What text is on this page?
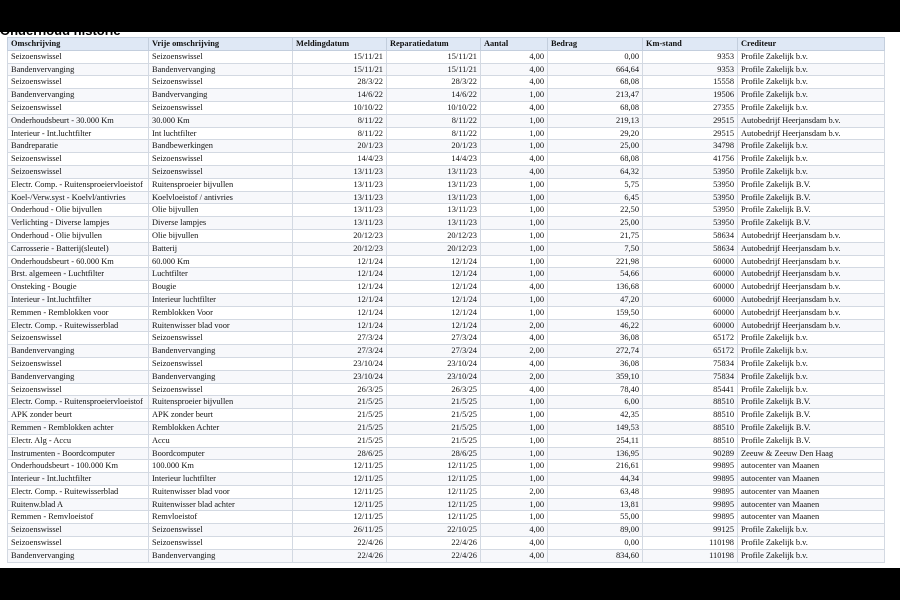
Onderhoud historie
Omschrijving	Vrije omschrijving	Meldingdatum	Reparatiedatum	Aantal	Bedrag	Km-stand	Crediteur
Seizoenswissel	Seizoenswissel	15/11/21	15/11/21	4,00	0,00	9353	Profile Zakelijk b.v.
Bandenvervanging	Bandenvervanging	15/11/21	15/11/21	4,00	664,64	9353	Profile Zakelijk b.v.
Seizoenswissel	Seizoenswissel	28/3/22	28/3/22	4,00	68,08	15558	Profile Zakelijk b.v.
Bandenvervanging	Bandvervanging	14/6/22	14/6/22	1,00	213,47	19506	Profile Zakelijk b.v.
Seizoenswissel	Seizoenswissel	10/10/22	10/10/22	4,00	68,08	27355	Profile Zakelijk b.v.
Onderhoudsbeurt - 30.000 Km	30.000 Km	8/11/22	8/11/22	1,00	219,13	29515	Autobedrijf Heerjansdam b.v.
Interieur - Int.luchtfilter	Int luchtfilter	8/11/22	8/11/22	1,00	29,20	29515	Autobedrijf Heerjansdam b.v.
Bandreparatie	Bandbewerkingen	20/1/23	20/1/23	1,00	25,00	34798	Profile Zakelijk b.v.
Seizoenswissel	Seizoenswissel	14/4/23	14/4/23	4,00	68,08	41756	Profile Zakelijk b.v.
Seizoenswissel	Seizoenswissel	13/11/23	13/11/23	4,00	64,32	53950	Profile Zakelijk b.v.
Electr. Comp. - Ruitensproeiervloeistof	Ruitensproeier bijvullen	13/11/23	13/11/23	1,00	5,75	53950	Profile Zakelijk B.V.
Koel-/Verw.syst - Koelvl/antivries	Koelvloeistof / antivries	13/11/23	13/11/23	1,00	6,45	53950	Profile Zakelijk B.V.
Onderhoud - Olie bijvullen	Olie bijvullen	13/11/23	13/11/23	1,00	22,50	53950	Profile Zakelijk B.V.
Verlichting - Diverse lampjes	Diverse lampjes	13/11/23	13/11/23	1,00	25,00	53950	Profile Zakelijk B.V.
Onderhoud - Olie bijvullen	Olie bijvullen	20/12/23	20/12/23	1,00	21,75	58634	Autobedrijf Heerjansdam b.v.
Carrosserie - Batterij(sleutel)	Batterij	20/12/23	20/12/23	1,00	7,50	58634	Autobedrijf Heerjansdam b.v.
Onderhoudsbeurt - 60.000 Km	60.000 Km	12/1/24	12/1/24	1,00	221,98	60000	Autobedrijf Heerjansdam b.v.
Brst. algemeen - Luchtfilter	Luchtfilter	12/1/24	12/1/24	1,00	54,66	60000	Autobedrijf Heerjansdam b.v.
Onsteking - Bougie	Bougie	12/1/24	12/1/24	4,00	136,68	60000	Autobedrijf Heerjansdam b.v.
Interieur - Int.luchtfilter	Interieur luchtfilter	12/1/24	12/1/24	1,00	47,20	60000	Autobedrijf Heerjansdam b.v.
Remmen - Remblokken voor	Remblokken Voor	12/1/24	12/1/24	1,00	159,50	60000	Autobedrijf Heerjansdam b.v.
Electr. Comp. - Ruitewisserblad	Ruitenwisser blad voor	12/1/24	12/1/24	2,00	46,22	60000	Autobedrijf Heerjansdam b.v.
Seizoenswissel	Seizoenswissel	27/3/24	27/3/24	4,00	36,08	65172	Profile Zakelijk b.v.
Bandenvervanging	Bandenvervanging	27/3/24	27/3/24	2,00	272,74	65172	Profile Zakelijk b.v.
Seizoenswissel	Seizoenswissel	23/10/24	23/10/24	4,00	36,08	75834	Profile Zakelijk b.v.
Bandenvervanging	Bandenvervanging	23/10/24	23/10/24	2,00	359,10	75834	Profile Zakelijk b.v.
Seizoenswissel	Seizoenswissel	26/3/25	26/3/25	4,00	78,40	85441	Profile Zakelijk b.v.
Electr. Comp. - Ruitensproeiervloeistof	Ruitensproeier bijvullen	21/5/25	21/5/25	1,00	6,00	88510	Profile Zakelijk B.V.
APK zonder beurt	APK zonder beurt	21/5/25	21/5/25	1,00	42,35	88510	Profile Zakelijk B.V.
Remmen - Remblokken achter	Remblokken Achter	21/5/25	21/5/25	1,00	149,53	88510	Profile Zakelijk B.V.
Electr. Alg - Accu	Accu	21/5/25	21/5/25	1,00	254,11	88510	Profile Zakelijk B.V.
Instrumenten - Boordcomputer	Boordcomputer	28/6/25	28/6/25	1,00	136,95	90289	Zeeuw & Zeeuw Den Haag
Onderhoudsbeurt - 100.000 Km	100.000 Km	12/11/25	12/11/25	1,00	216,61	99895	autocenter van Maanen
Interieur - Int.luchtfilter	Interieur luchtfilter	12/11/25	12/11/25	1,00	44,34	99895	autocenter van Maanen
Electr. Comp. - Ruitewisserblad	Ruitenwisser blad voor	12/11/25	12/11/25	2,00	63,48	99895	autocenter van Maanen
Ruitenw.blad A	Ruitenwisser blad achter	12/11/25	12/11/25	1,00	13,81	99895	autocenter van Maanen
Remmen - Remvloeistof	Remvloeistof	12/11/25	12/11/25	1,00	55,00	99895	autocenter van Maanen
Seizoenswissel	Seizoenswissel	26/11/25	22/10/25	4,00	89,00	99125	Profile Zakelijk b.v.
Seizoenswissel	Seizoenswissel	22/4/26	22/4/26	4,00	0,00	110198	Profile Zakelijk b.v.
Bandenvervanging	Bandenvervanging	22/4/26	22/4/26	4,00	834,60	110198	Profile Zakelijk b.v.
